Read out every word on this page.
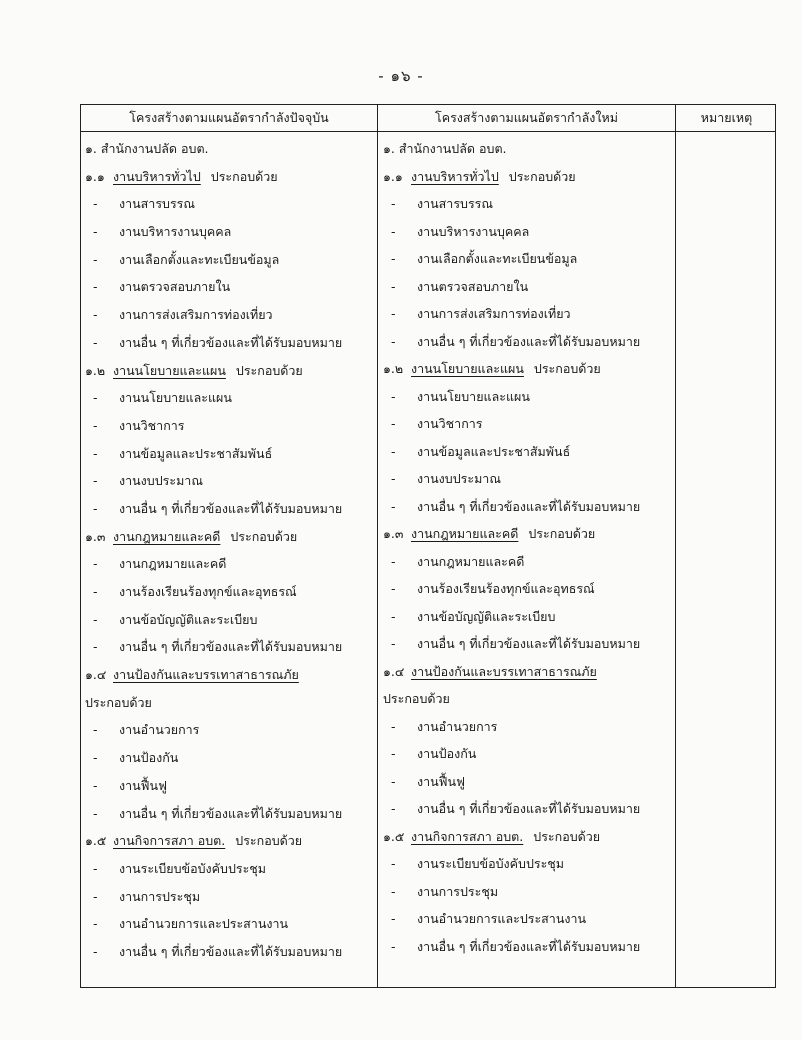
- ๑๖ -
โครงสร้างตามแผนอัตรากำลังปัจจุบัน	โครงสร้างตามแผนอัตรากำลังใหม่	หมายเหตุ
๑. สำนักงานปลัด อบต.
๑.๑ งานบริหารทั่วไป ประกอบด้วย
- งานสารบรรณ
- งานบริหารงานบุคคล
- งานเลือกตั้งและทะเบียนข้อมูล
- งานตรวจสอบภายใน
- งานการส่งเสริมการท่องเที่ยว
- งานอื่น ๆ ที่เกี่ยวข้องและที่ได้รับมอบหมาย
๑.๒ งานนโยบายและแผน ประกอบด้วย
- งานนโยบายและแผน
- งานวิชาการ
- งานข้อมูลและประชาสัมพันธ์
- งานงบประมาณ
- งานอื่น ๆ ที่เกี่ยวข้องและที่ได้รับมอบหมาย
๑.๓ งานกฎหมายและคดี ประกอบด้วย
- งานกฎหมายและคดี
- งานร้องเรียนร้องทุกข์และอุทธรณ์
- งานข้อบัญญัติและระเบียบ
- งานอื่น ๆ ที่เกี่ยวข้องและที่ได้รับมอบหมาย
๑.๔ งานป้องกันและบรรเทาสาธารณภัย
ประกอบด้วย
- งานอำนวยการ
- งานป้องกัน
- งานฟื้นฟู
- งานอื่น ๆ ที่เกี่ยวข้องและที่ได้รับมอบหมาย
๑.๕ งานกิจการสภา อบต. ประกอบด้วย
- งานระเบียบข้อบังคับประชุม
- งานการประชุม
- งานอำนวยการและประสานงาน
- งานอื่น ๆ ที่เกี่ยวข้องและที่ได้รับมอบหมาย
๑. สำนักงานปลัด อบต.
๑.๑ งานบริหารทั่วไป ประกอบด้วย
- งานสารบรรณ
- งานบริหารงานบุคคล
- งานเลือกตั้งและทะเบียนข้อมูล
- งานตรวจสอบภายใน
- งานการส่งเสริมการท่องเที่ยว
- งานอื่น ๆ ที่เกี่ยวข้องและที่ได้รับมอบหมาย
๑.๒ งานนโยบายและแผน ประกอบด้วย
- งานนโยบายและแผน
- งานวิชาการ
- งานข้อมูลและประชาสัมพันธ์
- งานงบประมาณ
- งานอื่น ๆ ที่เกี่ยวข้องและที่ได้รับมอบหมาย
๑.๓ งานกฎหมายและคดี ประกอบด้วย
- งานกฎหมายและคดี
- งานร้องเรียนร้องทุกข์และอุทธรณ์
- งานข้อบัญญัติและระเบียบ
- งานอื่น ๆ ที่เกี่ยวข้องและที่ได้รับมอบหมาย
๑.๔ งานป้องกันและบรรเทาสาธารณภัย
ประกอบด้วย
- งานอำนวยการ
- งานป้องกัน
- งานฟื้นฟู
- งานอื่น ๆ ที่เกี่ยวข้องและที่ได้รับมอบหมาย
๑.๕ งานกิจการสภา อบต. ประกอบด้วย
- งานระเบียบข้อบังคับประชุม
- งานการประชุม
- งานอำนวยการและประสานงาน
- งานอื่น ๆ ที่เกี่ยวข้องและที่ได้รับมอบหมาย
